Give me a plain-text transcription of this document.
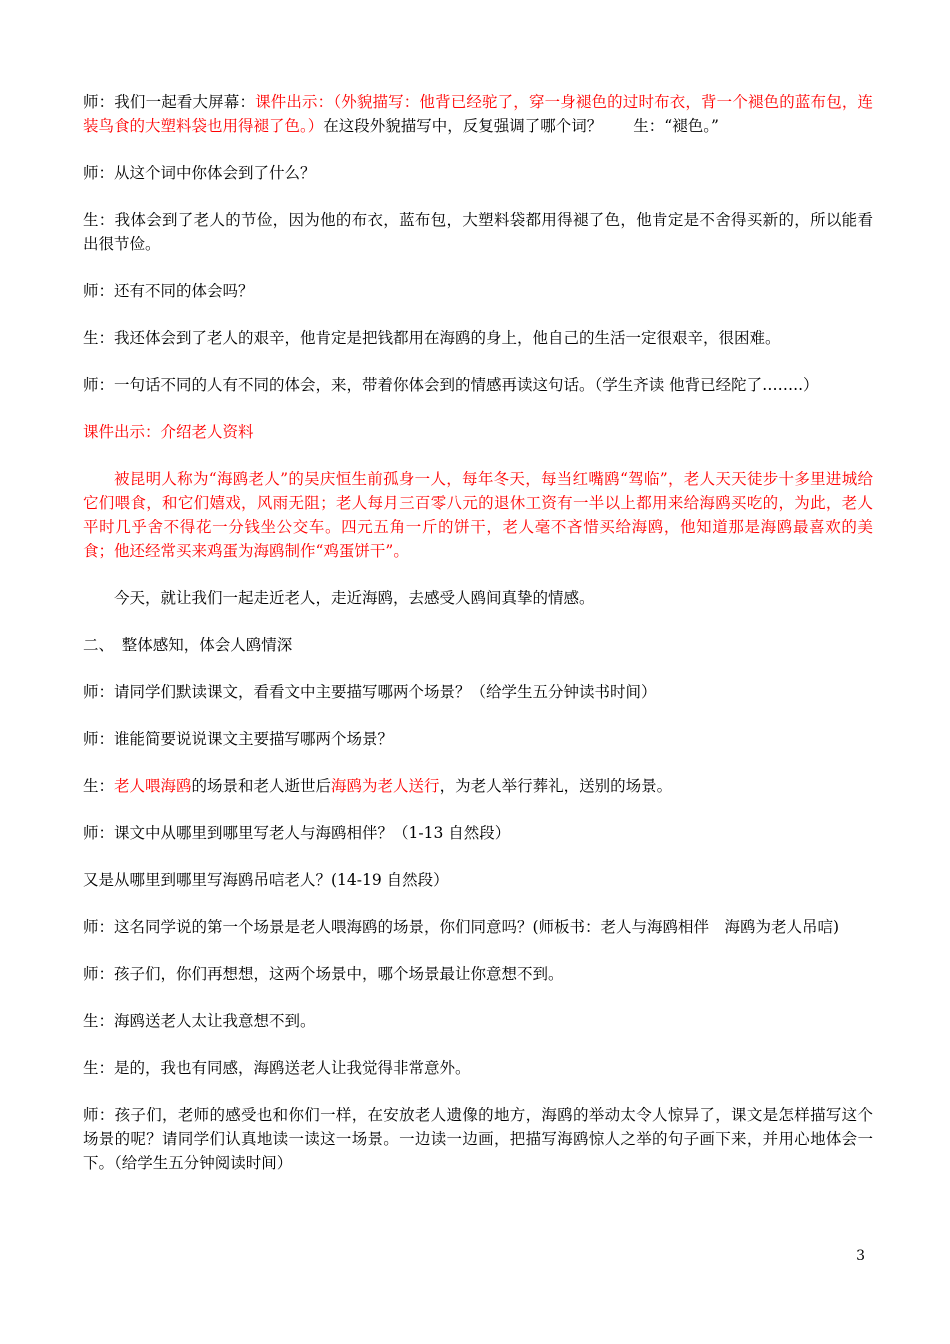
师：我们一起看大屏幕：课件出示：（外貌描写：他背已经驼了，穿一身褪色的过时布衣，背一个褪色的蓝布包，连装鸟食的大塑料袋也用得褪了色。）在这段外貌描写中，反复强调了哪个词？　　生：“褪色。”
师：从这个词中你体会到了什么？
生：我体会到了老人的节俭，因为他的布衣，蓝布包，大塑料袋都用得褪了色，他肯定是不舍得买新的，所以能看出很节俭。
师：还有不同的体会吗？
生：我还体会到了老人的艰辛，他肯定是把钱都用在海鸥的身上，他自己的生活一定很艰辛，很困难。
师：一句话不同的人有不同的体会，来，带着你体会到的情感再读这句话。（学生齐读 他背已经陀了……..）
课件出示：介绍老人资料
被昆明人称为“海鸥老人”的吴庆恒生前孤身一人，每年冬天，每当红嘴鸥“驾临”，老人天天徒步十多里进城给它们喂食，和它们嬉戏，风雨无阻；老人每月三百零八元的退休工资有一半以上都用来给海鸥买吃的，为此，老人平时几乎舍不得花一分钱坐公交车。四元五角一斤的饼干，老人毫不吝惜买给海鸥，他知道那是海鸥最喜欢的美食；他还经常买来鸡蛋为海鸥制作“鸡蛋饼干”。
今天，就让我们一起走近老人，走近海鸥，去感受人鸥间真挚的情感。
二、　整体感知，体会人鸥情深
师：请同学们默读课文，看看文中主要描写哪两个场景？（给学生五分钟读书时间）
师：谁能简要说说课文主要描写哪两个场景？
生：老人喂海鸥的场景和老人逝世后海鸥为老人送行，为老人举行葬礼，送别的场景。
师：课文中从哪里到哪里写老人与海鸥相伴？（1-13 自然段）
又是从哪里到哪里写海鸥吊唁老人？(14-19 自然段）
师：这名同学说的第一个场景是老人喂海鸥的场景，你们同意吗？(师板书：老人与海鸥相伴　海鸥为老人吊唁)
师：孩子们，你们再想想，这两个场景中，哪个场景最让你意想不到。
生：海鸥送老人太让我意想不到。
生：是的，我也有同感，海鸥送老人让我觉得非常意外。
师：孩子们，老师的感受也和你们一样，在安放老人遗像的地方，海鸥的举动太令人惊异了，课文是怎样描写这个场景的呢？请同学们认真地读一读这一场景。一边读一边画，把描写海鸥惊人之举的句子画下来，并用心地体会一下。（给学生五分钟阅读时间）
3
